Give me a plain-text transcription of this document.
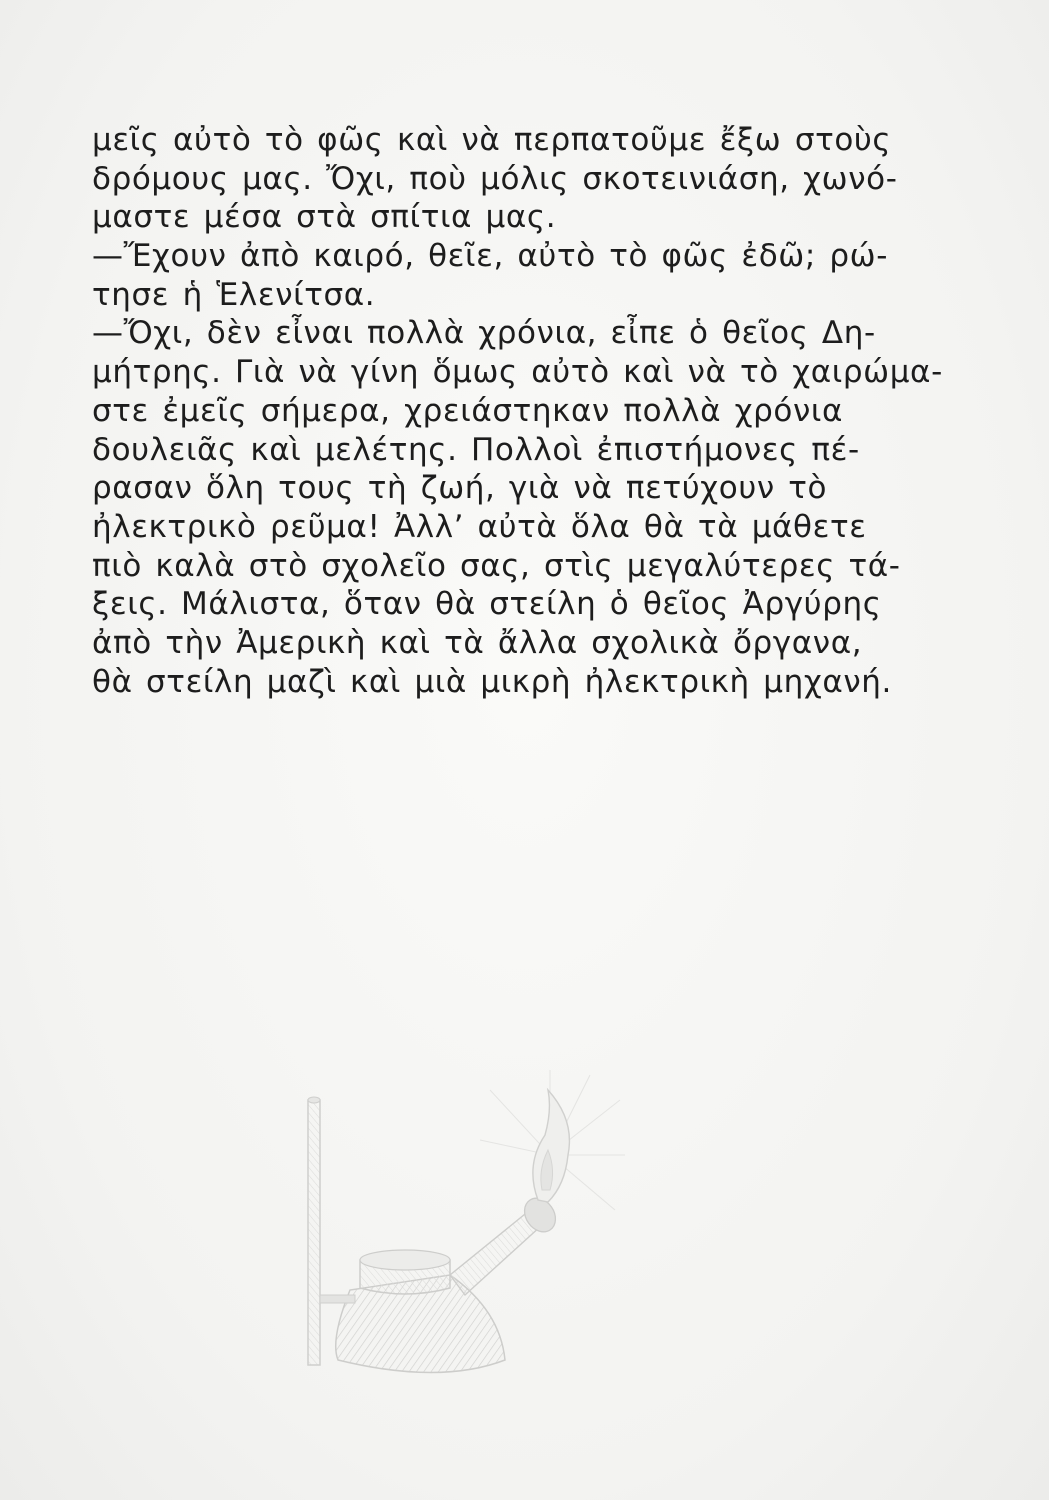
μεῖς αὐτὸ τὸ φῶς καὶ νὰ περπατοῦμε ἔξω στοὺς
δρόμους μας. Ὄχι, ποὺ μόλις σκοτεινιάση, χωνό-
μαστε μέσα στὰ σπίτια μας.
—Ἔχουν ἀπὸ καιρό, θεῖε, αὐτὸ τὸ φῶς ἐδῶ; ρώ-
τησε ἡ Ἑλενίτσα.
—Ὄχι, δὲν εἶναι πολλὰ χρόνια, εἶπε ὁ θεῖος Δη-
μήτρης. Γιὰ νὰ γίνη ὅμως αὐτὸ καὶ νὰ τὸ χαιρώμα-
στε ἐμεῖς σήμερα, χρειάστηκαν πολλὰ χρόνια
δουλειᾶς καὶ μελέτης. Πολλοὶ ἐπιστήμονες πέ-
ρασαν ὅλη τους τὴ ζωή, γιὰ νὰ πετύχουν τὸ
ἠλεκτρικὸ ρεῦμα! Ἀλλ’ αὐτὰ ὅλα θὰ τὰ μάθετε
πιὸ καλὰ στὸ σχολεῖο σας, στὶς μεγαλύτερες τά-
ξεις. Μάλιστα, ὅταν θὰ στείλη ὁ θεῖος Ἀργύρης
ἀπὸ τὴν Ἀμερικὴ καὶ τὰ ἄλλα σχολικὰ ὄργανα,
θὰ στείλη μαζὶ καὶ μιὰ μικρὴ ἠλεκτρικὴ μηχανή.
